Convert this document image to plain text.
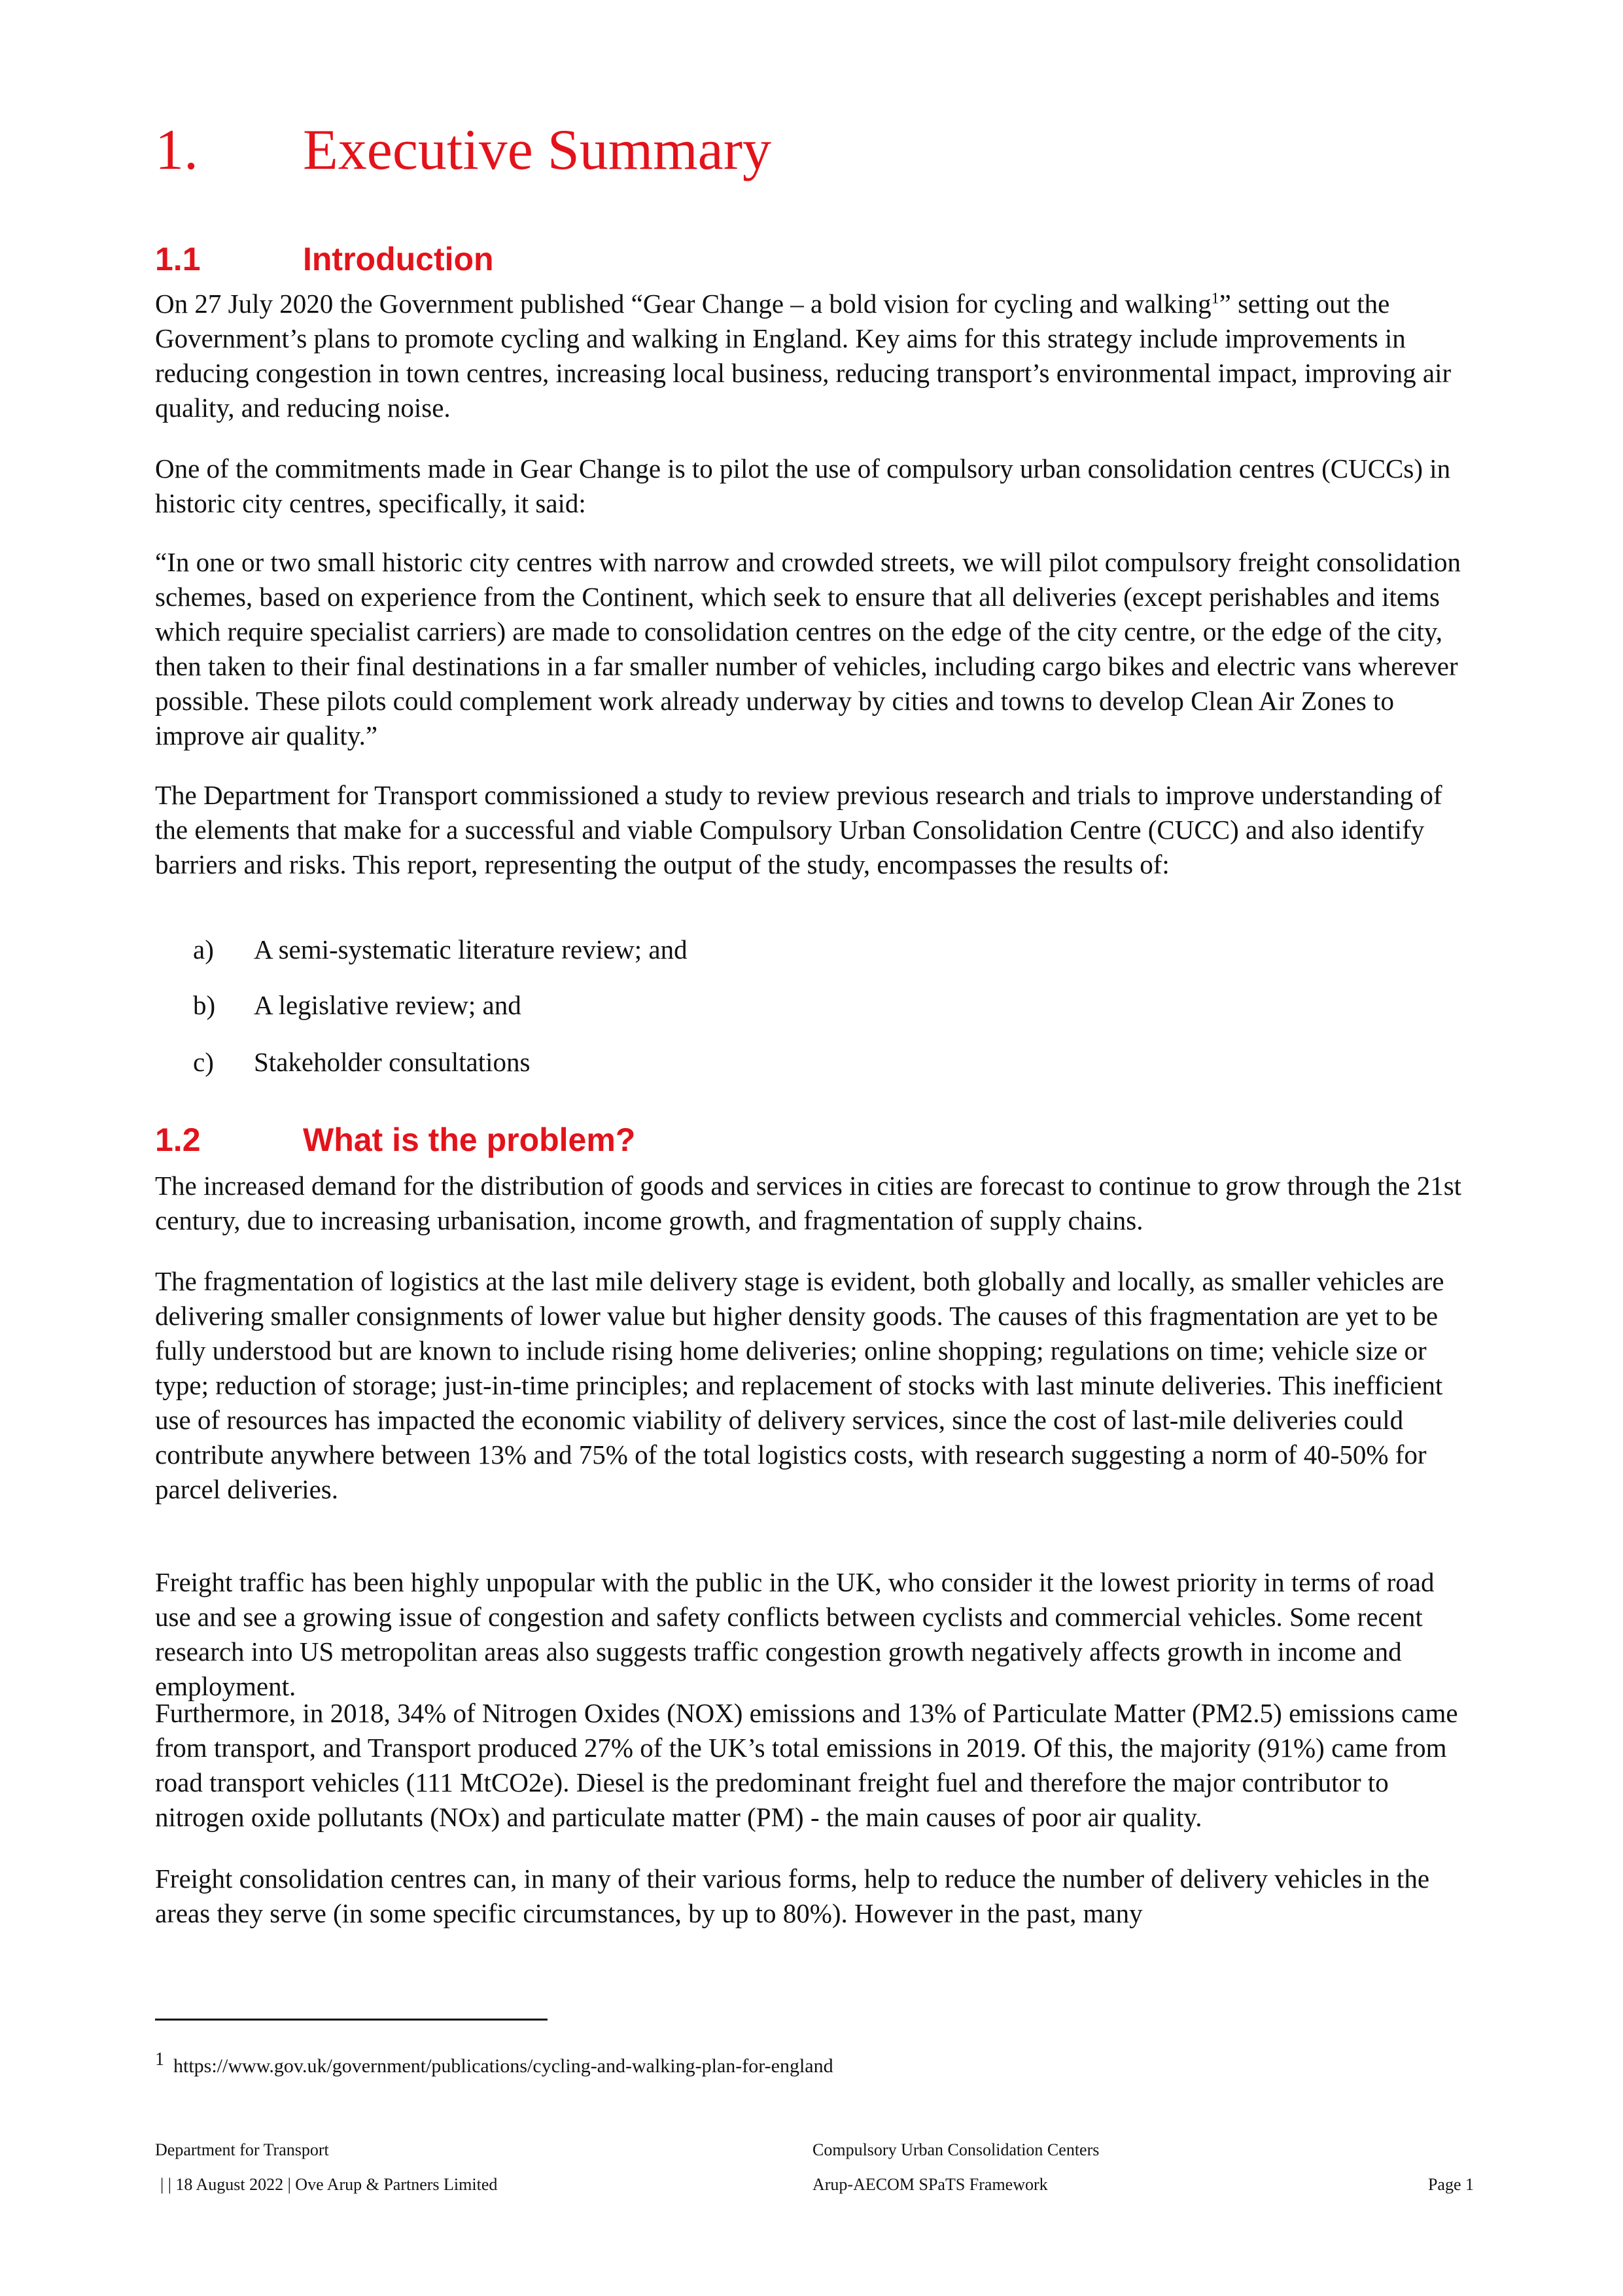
1. Executive Summary
1.1	Introduction

On 27 July 2020 the Government published “Gear Change – a bold vision for cycling and walking$^1$” setting out the Government’s plans to promote cycling and walking in England. Key aims for this strategy include improvements in reducing congestion in town centres, increasing local business, reducing transport’s environmental impact, improving air quality, and reducing noise.

One of the commitments made in Gear Change is to pilot the use of compulsory urban consolidation centres (CUCCs) in historic city centres, specifically, it said:

“In one or two small historic city centres with narrow and crowded streets, we will pilot compulsory freight consolidation schemes, based on experience from the Continent, which seek to ensure that all deliveries (except perishables and items which require specialist carriers) are made to consolidation centres on the edge of the city centre, or the edge of the city, then taken to their final destinations in a far smaller number of vehicles, including cargo bikes and electric vans wherever possible. These pilots could complement work already underway by cities and towns to develop Clean Air Zones to improve air quality.”

The Department for Transport commissioned a study to review previous research and trials to improve understanding of the elements that make for a successful and viable Compulsory Urban Consolidation Centre (CUCC) and also identify barriers and risks. This report, representing the output of the study, encompasses the results of:

a) A semi-systematic literature review; and

b) A legislative review; and

c) Stakeholder consultations

1.2	What is the problem?

The increased demand for the distribution of goods and services in cities are forecast to continue to grow through the 21st century, due to increasing urbanisation, income growth, and fragmentation of supply chains.

The fragmentation of logistics at the last mile delivery stage is evident, both globally and locally, as smaller vehicles are delivering smaller consignments of lower value but higher density goods. The causes of this fragmentation are yet to be fully understood but are known to include rising home deliveries; online shopping; regulations on time; vehicle size or type; reduction of storage; just-in-time principles; and replacement of stocks with last minute deliveries. This inefficient use of resources has impacted the economic viability of delivery services, since the cost of last-mile deliveries could contribute anywhere between 13% and 75% of the total logistics costs, with research suggesting a norm of 40-50% for parcel deliveries.

Freight traffic has been highly unpopular with the public in the UK, who consider it the lowest priority in terms of road use and see a growing issue of congestion and safety conflicts between cyclists and commercial vehicles. Some recent research into US metropolitan areas also suggests traffic congestion growth negatively affects growth in income and employment.

Furthermore, in 2018, 34% of Nitrogen Oxides (NOX) emissions and 13% of Particulate Matter (PM2.5) emissions came from transport, and Transport produced 27% of the UK’s total emissions in 2019. Of this, the majority (91%) came from road transport vehicles (111 MtCO2e). Diesel is the predominant freight fuel and therefore the major contributor to nitrogen oxide pollutants (NOx) and particulate matter (PM) - the main causes of poor air quality.

Freight consolidation centres can, in many of their various forms, help to reduce the number of delivery vehicles in the areas they serve (in some specific circumstances, by up to 80%). However in the past, many

$^1$ https://www.gov.uk/government/publications/cycling-and-walking-plan-for-england
Department for Transport
| | 18 August 2022 | Ove Arup & Partners Limited
Compulsory Urban Consolidation Centers
Arup-AECOM SPaTS Framework	Page 1
